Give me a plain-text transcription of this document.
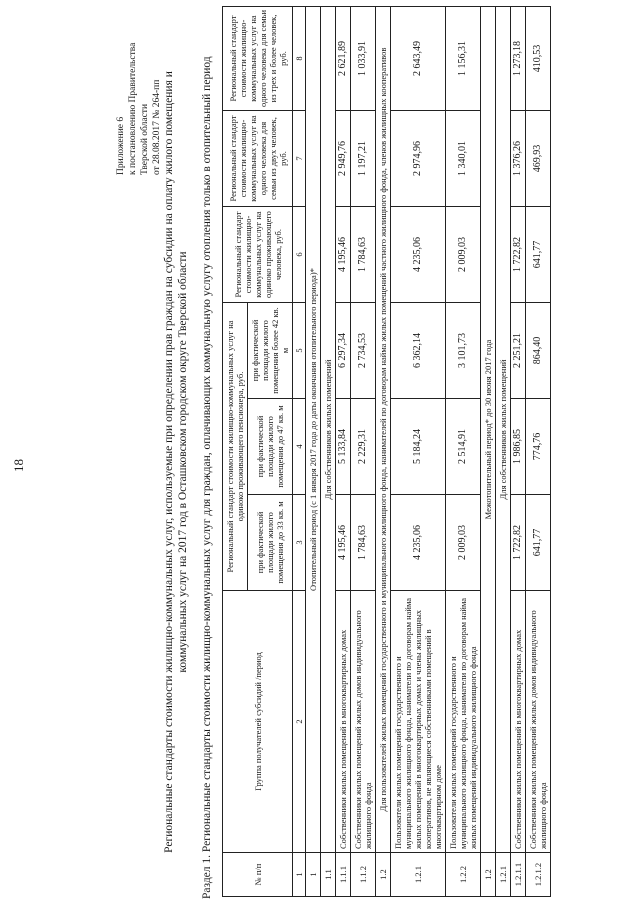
18
Приложение 6 к постановлению Правительства Тверской области от 28.08.2017 № 264-пп Региональные стандарты стоимости жилищно-коммунальных услуг, используемые при определении прав граждан на субсидии на оплату жилого помещения и коммунальных услуг на 2017 год в Осташковском городском округе Тверской области Раздел 1. Региональные стандарты стоимости жилищно-коммунальных услуг для граждан, оплачивающих коммунальную услугу отопления только в отопительный период	№ п/п	Группа получателей субсидий /период	Региональный стандарт стоимости жилищно-коммунальных услуг на одиноко проживающего пенсионера, руб.			Региональный стандарт стоимости жилищно-коммунальных услуг на одиноко проживающего человека, руб.	Региональный стандарт стоимости жилищно-коммунальных услуг на одного человека для семьи из двух человек, руб.	Региональный стандарт стоимости жилищно-коммунальных услуг на одного человека для семьи из трех и более человек, руб.
		при фактической площади жилого помещения до 33 кв. м	при фактической площади жилого помещения до 47 кв. м	при фактической площади жилого помещения более 42 кв. м			
1	2	3	4	5	6	7	8
1	Отопительный период (с 1 января 2017 года до даты окончания отопительного периода)*						
1.1	Для собственников жилых помещений						
1.1.1	Собственники жилых помещений в многоквартирных домах	4 195,46	5 133,84	6 297,34	4 195,46	2 949,76	2 621,89
1.1.2	Собственники жилых помещений жилых домов индивидуального жилищного фонда	1 784,63	2 229,31	2 734,53	1 784,63	1 197,21	1 033,91
1.2	Для пользователей жилых помещений государственного и муниципального жилищного фонда, нанимателей по договорам найма жилых помещений частного жилищного фонда, членов жилищных кооперативов						
1.2.1	Пользователи жилых помещений государственного и муниципального жилищного фонда, наниматели по договорам найма жилых помещений в многоквартирных домах и члены жилищных кооперативов, не являющиеся собственниками помещений в многоквартирном доме	4 235,06	5 184,24	6 362,14	4 235,06	2 974,96	2 643,49
1.2.2	Пользователи жилых помещений государственного и муниципального жилищного фонда, наниматели по договорам найма жилых помещений индивидуального жилищного фонда	2 009,03	2 514,91	3 101,73	2 009,03	1 340,01	1 156,31
1.2	Межотопительный период* до 30 июня 2017 года						
1.2.1	Для собственников жилых помещений						
1.2.1.1	Собственники жилых помещений в многоквартирных домах	1 722,82	1 986,85	2 251,21	1 722,82	1 376,26	1 273,18
1.2.1.2	Собственники жилых помещений жилых домов индивидуального жилищного фонда	641,77	774,76	864,40	641,77	469,93	410,53
